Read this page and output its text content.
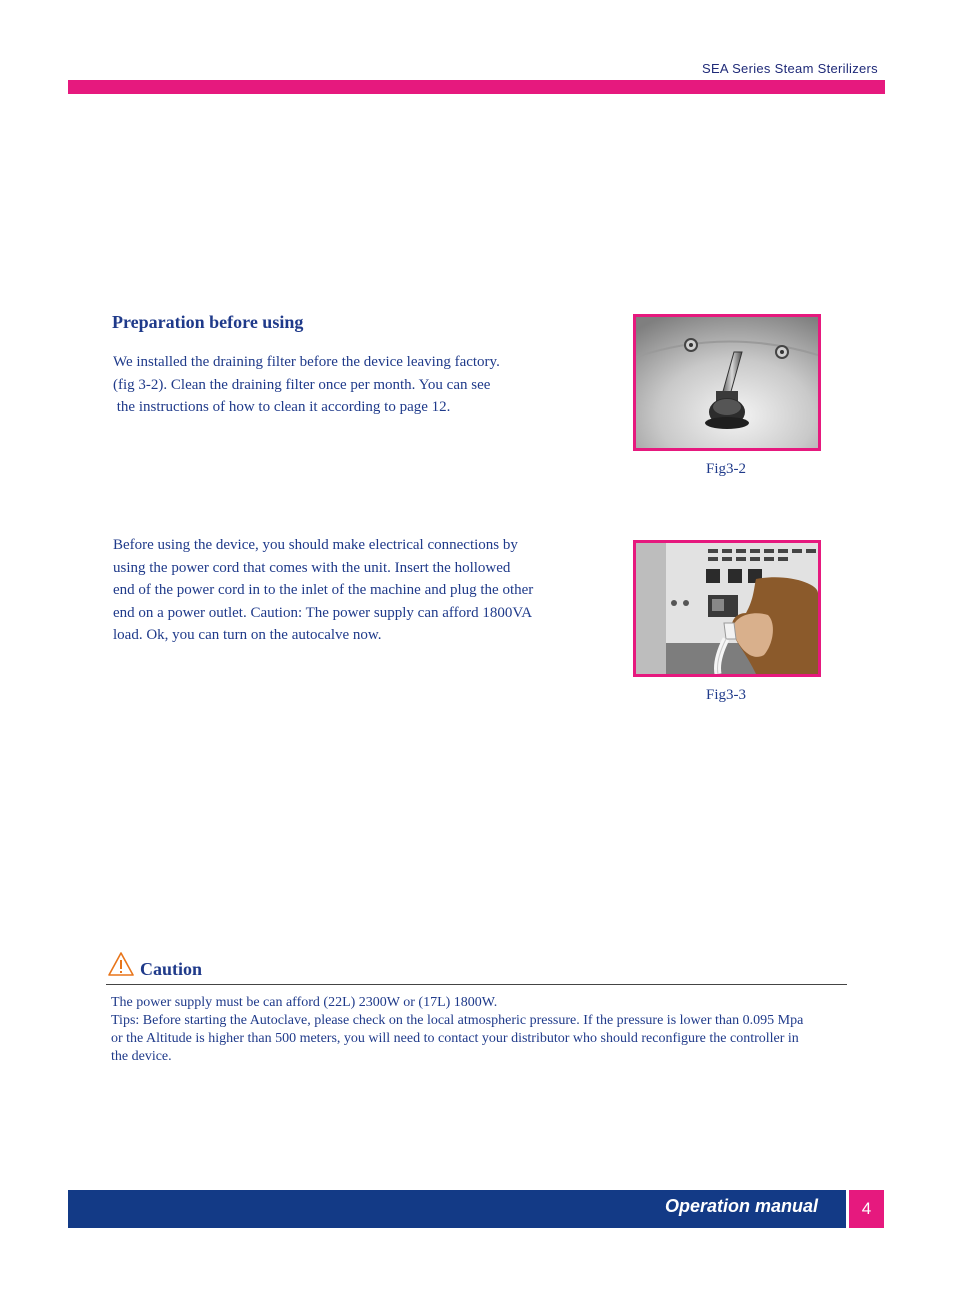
SEA Series Steam Sterilizers
Preparation before using
We installed the draining filter before the device leaving factory.
(fig 3-2). Clean the draining filter once per month. You can see
the instructions of how to clean it according to page 12.
Before using the device, you should make electrical connections by
using the power cord that comes with the unit. Insert the hollowed
end of the power cord in to the inlet of the machine and plug the other
end on a power outlet. Caution: The power supply can afford 1800VA
load. Ok, you can turn on the autocalve now.
Fig3-2
Fig3-3
Caution
The power supply must be can afford (22L) 2300W or (17L) 1800W.
Tips: Before starting the Autoclave, please check on the local atmospheric pressure. If the pressure is lower than 0.095 Mpa
or the Altitude is higher than 500 meters, you will need to contact your distributor who should reconfigure the controller in
the device.
Operation manual	4
